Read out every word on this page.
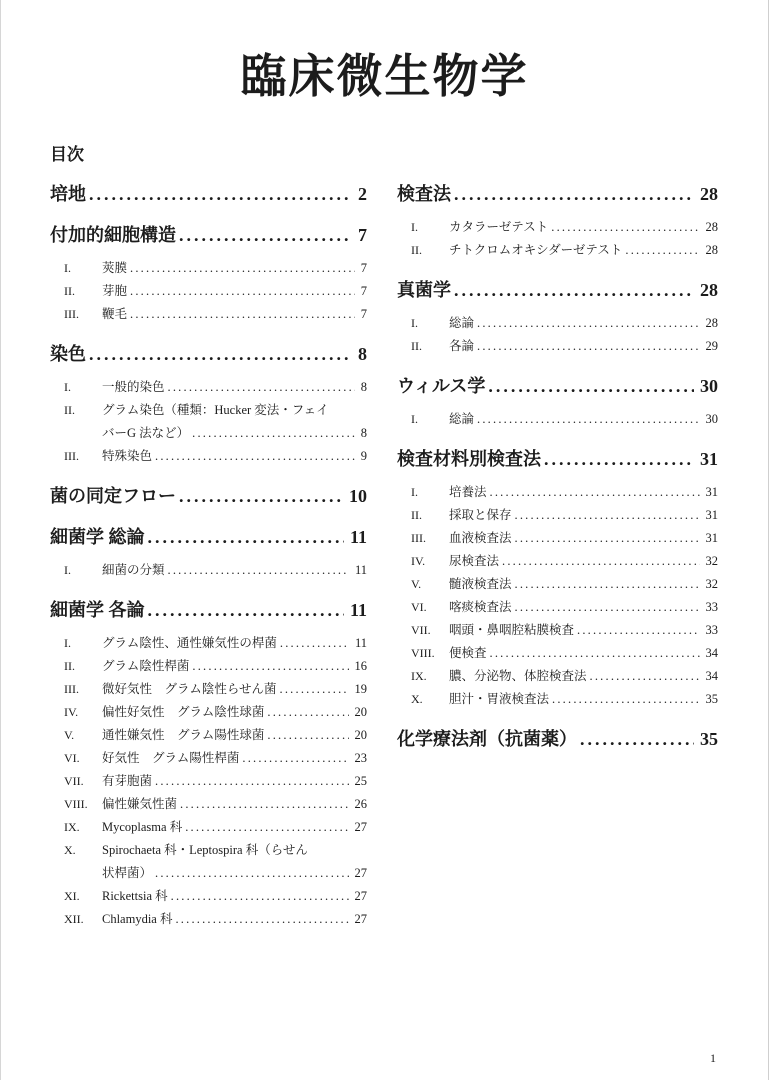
臨床微生物学
目次
培地 .....	2
付加的細胞構造 .....	7
I.	莢膜 .....	7
II.	芽胞 .....	7
III.	鞭毛 .....	7
染色 .....	8
I.	一般的染色 .....	8
II.	グラム染色（種類：Hucker 変法・フェイ
バーG 法など） .....	8
III.	特殊染色 .....	9
菌の同定フロー .....	10
細菌学 総論 .....	11
I.	細菌の分類 .....	11
細菌学 各論 .....	11
I.	グラム陰性、通性嫌気性の桿菌 .....	11
II.	グラム陰性桿菌 .....	16
III.	微好気性　グラム陰性らせん菌 .....	19
IV.	偏性好気性　グラム陰性球菌 .....	20
V.	通性嫌気性　グラム陽性球菌 .....	20
VI.	好気性　グラム陽性桿菌 .....	23
VII.	有芽胞菌 .....	25
VIII.	偏性嫌気性菌 .....	26
IX.	Mycoplasma 科 .....	27
X.	Spirochaeta 科・Leptospira 科（らせん
状桿菌） .....	27
XI.	Rickettsia 科 .....	27
XII.	Chlamydia 科 .....	27
検査法 .....	28
I.	カタラーゼテスト .....	28
II.	チトクロムオキシダーゼテスト .....	28
真菌学 .....	28
I.	総論 .....	28
II.	各論 .....	29
ウィルス学 .....	30
I.	総論 .....	30
検査材料別検査法 .....	31
I.	培養法 .....	31
II.	採取と保存 .....	31
III.	血液検査法 .....	31
IV.	尿検査法 .....	32
V.	髄液検査法 .....	32
VI.	喀痰検査法 .....	33
VII.	咽頭・鼻咽腔粘膜検査 .....	33
VIII.	便検査 .....	34
IX.	膿、分泌物、体腔検査法 .....	34
X.	胆汁・胃液検査法 .....	35
化学療法剤（抗菌薬） .....	35
1
